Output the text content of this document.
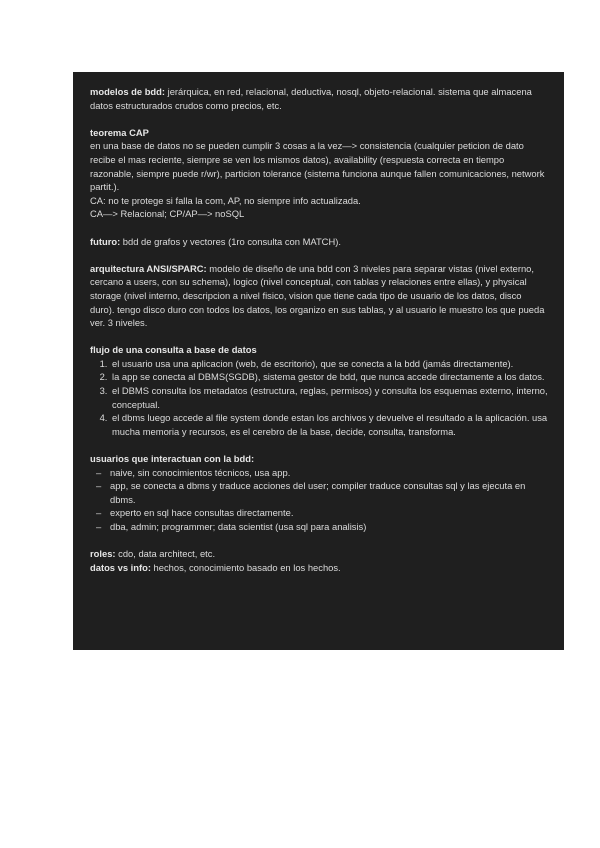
modelos de bdd: jerárquica, en red, relacional, deductiva, nosql, objeto-relacional. sistema que almacena datos estructurados crudos como precios, etc.

teorema CAP

en una base de datos no se pueden cumplir 3 cosas a la vez—> consistencia (cualquier peticion de dato recibe el mas reciente, siempre se ven los mismos datos), availability (respuesta correcta en tiempo razonable, siempre puede r/wr), particion tolerance (sistema funciona aunque fallen comunicaciones, network partit.).

CA: no te protege si falla la com, AP, no siempre info actualizada.

CA—> Relacional; CP/AP—> noSQL

futuro: bdd de grafos y vectores (1ro consulta con MATCH).

arquitectura ANSI/SPARC: modelo de diseño de una bdd con 3 niveles para separar vistas (nivel externo, cercano a users, con su schema), logico (nivel conceptual, con tablas y relaciones entre ellas), y physical storage (nivel interno, descripcion a nivel fisico, vision que tiene cada tipo de usuario de los datos, disco duro). tengo disco duro con todos los datos, los organizo en sus tablas, y al usuario le muestro los que pueda ver. 3 niveles.

flujo de una consulta a base de datos

1. el usuario usa una aplicacion (web, de escritorio), que se conecta a la bdd (jamás directamente).
2. la app se conecta al DBMS(SGDB), sistema gestor de bdd, que nunca accede directamente a los datos.
3. el DBMS consulta los metadatos (estructura, reglas, permisos) y consulta los esquemas externo, interno, conceptual.
4. el dbms luego accede al file system donde estan los archivos y devuelve el resultado a la aplicación. usa mucha memoria y recursos, es el cerebro de la base, decide, consulta, transforma.

usuarios que interactuan con la bdd:

– naive, sin conocimientos técnicos, usa app.
– app, se conecta a dbms y traduce acciones del user; compiler traduce consultas sql y las ejecuta en dbms.
– experto en sql hace consultas directamente.
– dba, admin; programmer; data scientist (usa sql para analisis)

roles: cdo, data architect, etc.

datos vs info: hechos, conocimiento basado en los hechos.
